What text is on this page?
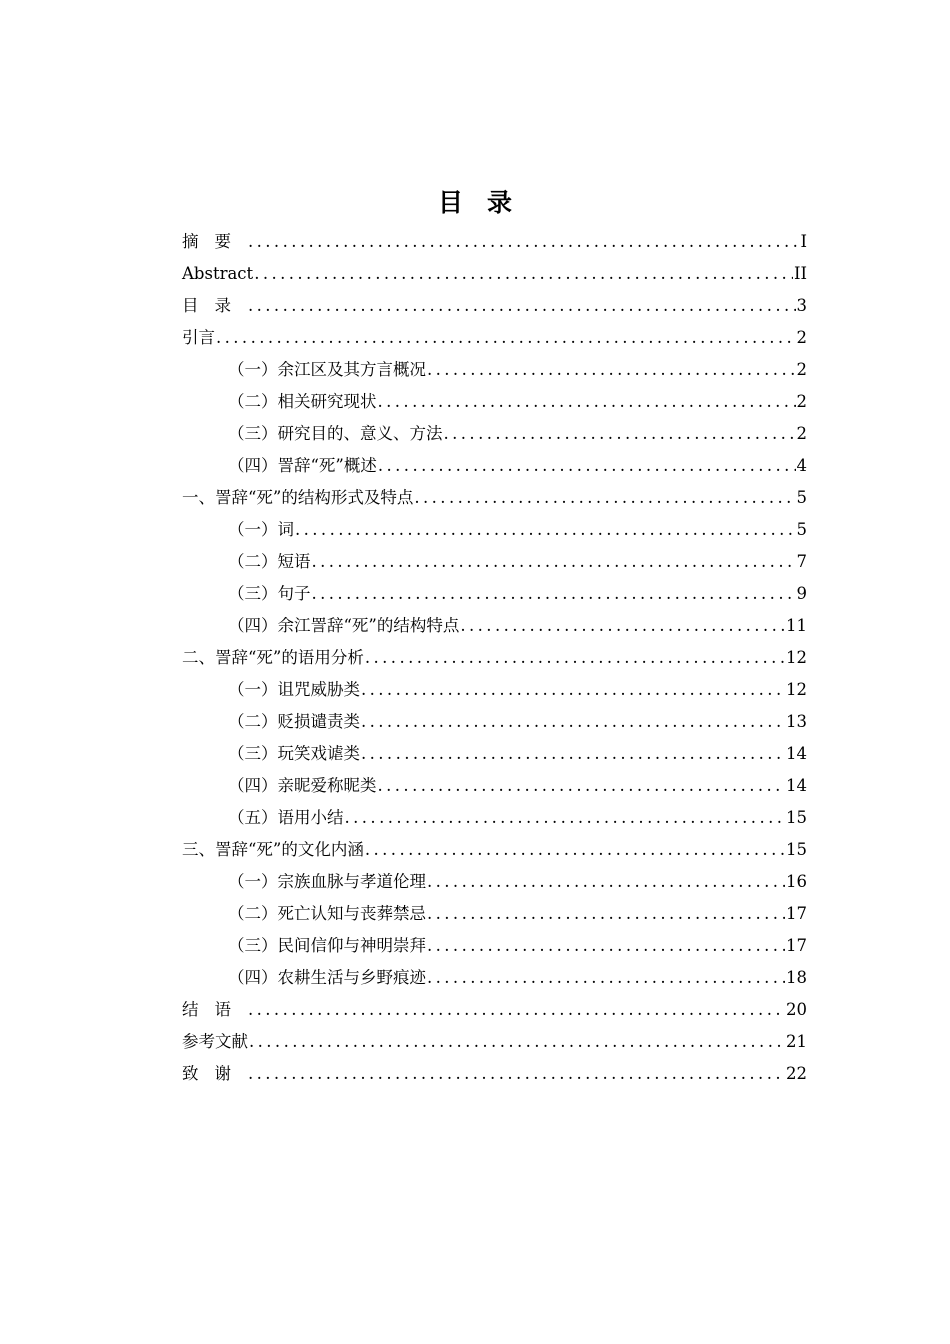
目录
摘要 .....	I
Abstract .....	II
目录 .....	3
引言 .....	2
（一）余江区及其方言概况 .....	2
（二）相关研究现状 .....	2
（三）研究目的、意义、方法 .....	2
（四）詈辞“死”概述 .....	4
一、詈辞“死”的结构形式及特点 .....	5
（一）词 .....	5
（二）短语 .....	7
（三）句子 .....	9
（四）余江詈辞“死”的结构特点 .....	11
二、詈辞“死”的语用分析 .....	12
（一）诅咒威胁类 .....	12
（二）贬损谴责类 .....	13
（三）玩笑戏谑类 .....	14
（四）亲昵爱称昵类 .....	14
（五）语用小结 .....	15
三、詈辞“死”的文化内涵 .....	15
（一）宗族血脉与孝道伦理 .....	16
（二）死亡认知与丧葬禁忌 .....	17
（三）民间信仰与神明崇拜 .....	17
（四）农耕生活与乡野痕迹 .....	18
结语 .....	20
参考文献 .....	21
致谢 .....	22
